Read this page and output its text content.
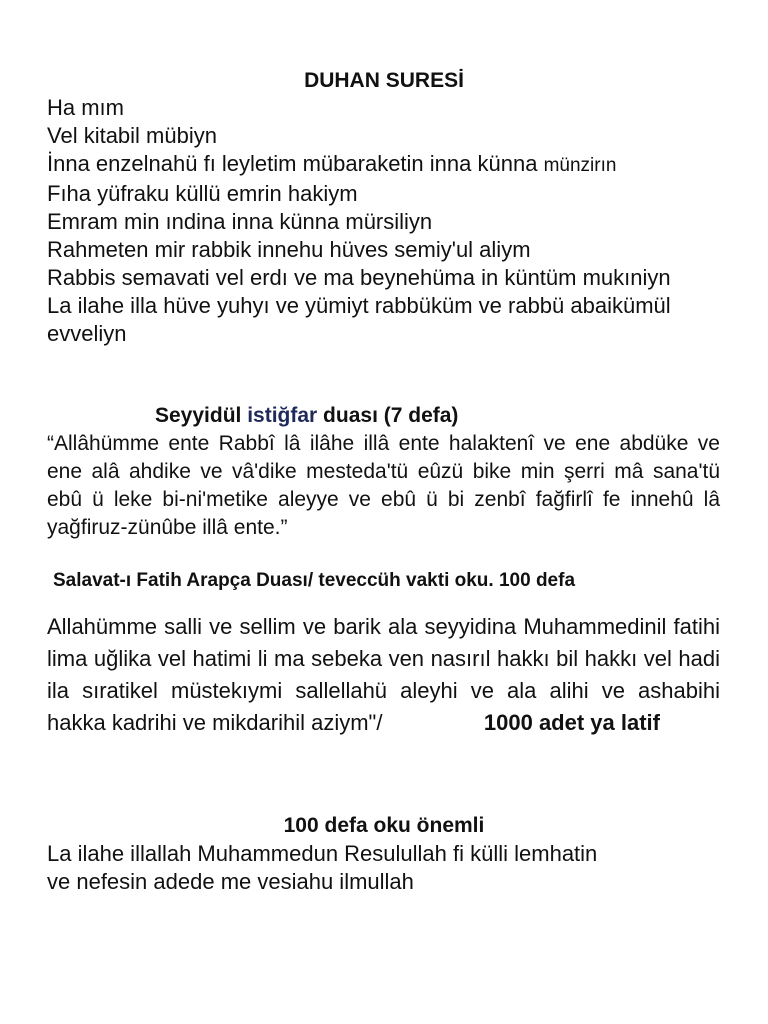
DUHAN SURESİ
Ha mım
Vel kitabil mübiyn
İnna enzelnahü fı leyletim mübaraketin inna künna münzirın
Fıha yüfraku küllü emrin hakiym
Emram min ındina inna künna mürsiliyn
Rahmeten mir rabbik innehu hüves semiy'ul aliym
Rabbis semavati vel erdı ve ma beynehüma in küntüm mukıniyn
La ilahe illa hüve yuhyı ve yümiyt rabbüküm ve rabbü abaikümül evveliyn
Seyyidül istiğfar duası (7 defa)

“Allâhümme ente Rabbî lâ ilâhe illâ ente halaktenî ve ene abdüke ve ene alâ ahdike ve vâ'dike mesteda'tü eûzü bike min şerri mâ sana'tü ebû ü leke bi-ni'metike aleyye ve ebû ü bi zenbî fağfirlî fe innehû lâ yağfiruz-zünûbe illâ ente.”

Salavat-ı Fatih Arapça Duası/ teveccüh vakti oku. 100 defa

Allahümme salli ve sellim ve barik ala seyyidina Muhammedinil fatihi lima uğlika vel hatimi li ma sebeka ven nasırıl hakkı bil hakkı vel hadi ila sıratikel müstekıymi sallellahü aleyhi ve ala alihi ve ashabihi hakka kadrihi ve mikdarihil aziym"/	1000 adet ya latif

100 defa oku önemli
La ilahe illallah Muhammedun Resulullah fi külli lemhatin
ve nefesin adede me vesiahu ilmullah
